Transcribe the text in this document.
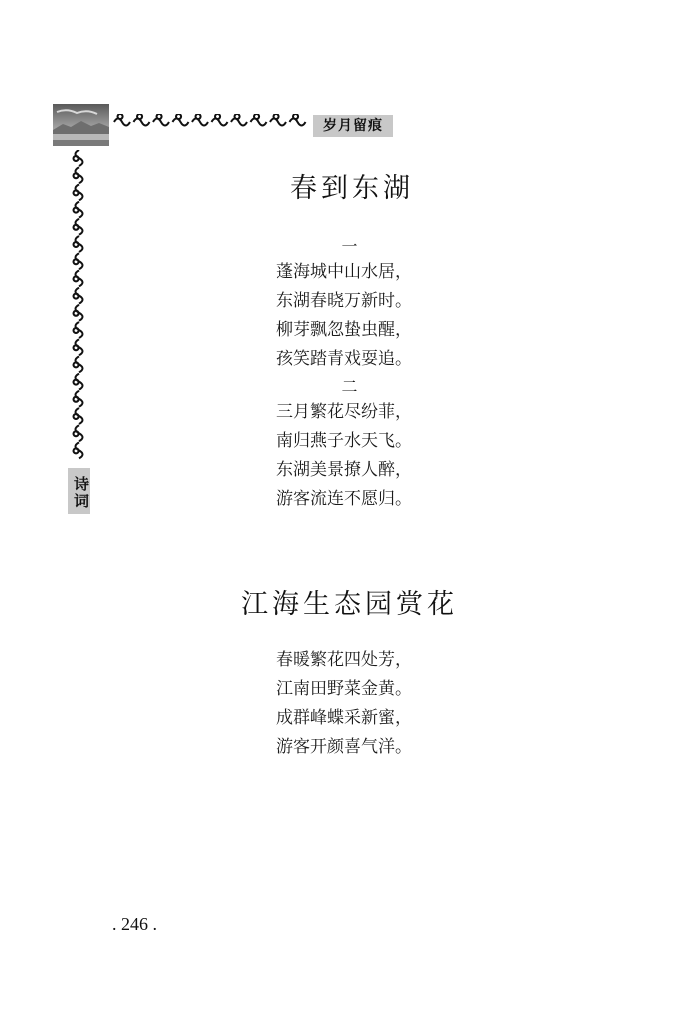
岁月留痕
诗词
春到东湖
一
蓬海城中山水居，
东湖春晓万新时。
柳芽飘忽蛰虫醒，
孩笑踏青戏耍追。
二
三月繁花尽纷菲，
南归燕子水天飞。
东湖美景撩人醉，
游客流连不愿归。
江海生态园赏花
春暖繁花四处芳，
江南田野菜金黄。
成群峰蝶采新蜜，
游客开颜喜气洋。
. 246 .
